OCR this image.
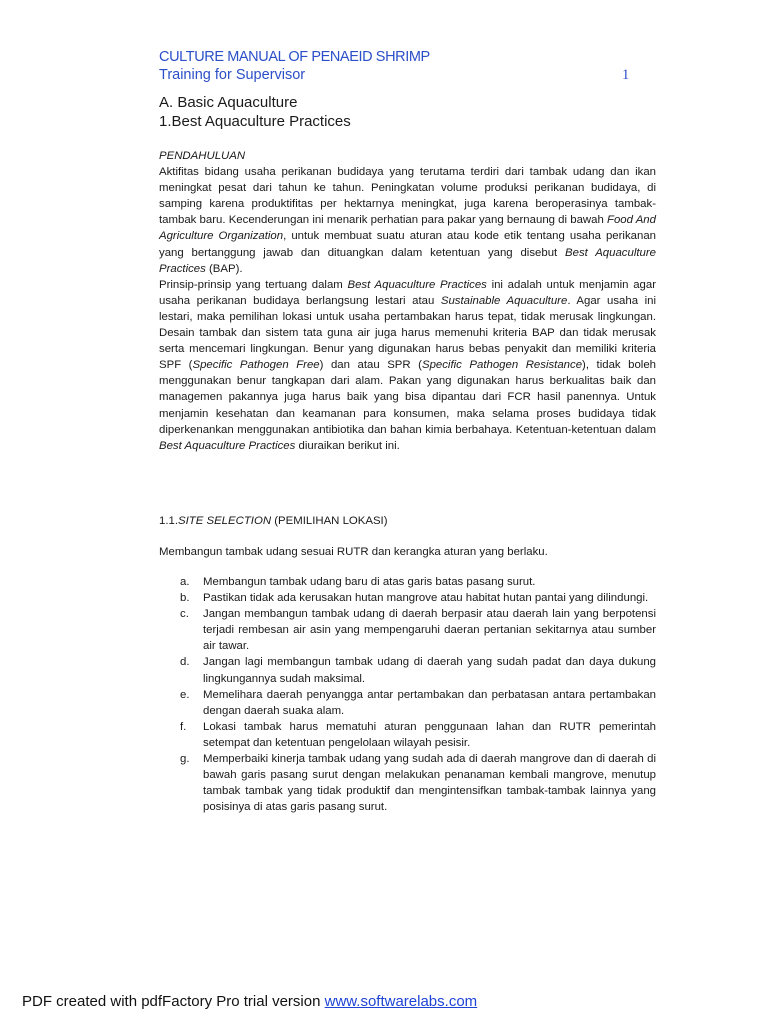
CULTURE MANUAL OF PENAEID SHRIMP
Training for Supervisor	1
A. Basic Aquaculture
1.Best Aquaculture Practices

PENDAHULUAN

Aktifitas bidang usaha perikanan budidaya yang terutama terdiri dari tambak udang dan ikan meningkat pesat dari tahun ke tahun. Peningkatan volume produksi perikanan budidaya, di samping karena produktifitas per hektarnya meningkat, juga karena beroperasinya tambak-tambak baru. Kecenderungan ini menarik perhatian para pakar yang bernaung di bawah Food And Agriculture Organization, untuk membuat suatu aturan atau kode etik tentang usaha perikanan yang bertanggung jawab dan dituangkan dalam ketentuan yang disebut Best Aquaculture Practices (BAP).

Prinsip-prinsip yang tertuang dalam Best Aquaculture Practices ini adalah untuk menjamin agar usaha perikanan budidaya berlangsung lestari atau Sustainable Aquaculture. Agar usaha ini lestari, maka pemilihan lokasi untuk usaha pertambakan harus tepat, tidak merusak lingkungan. Desain tambak dan sistem tata guna air juga harus memenuhi kriteria BAP dan tidak merusak serta mencemari lingkungan. Benur yang digunakan harus bebas penyakit dan memiliki kriteria SPF (Specific Pathogen Free) dan atau SPR (Specific Pathogen Resistance), tidak boleh menggunakan benur tangkapan dari alam. Pakan yang digunakan harus berkualitas baik dan managemen pakannya juga harus baik yang bisa dipantau dari FCR hasil panennya. Untuk menjamin kesehatan dan keamanan para konsumen, maka selama proses budidaya tidak diperkenankan menggunakan antibiotika dan bahan kimia berbahaya. Ketentuan-ketentuan dalam Best Aquaculture Practices diuraikan berikut ini.

1.1.SITE SELECTION (PEMILIHAN LOKASI)
Membangun tambak udang sesuai RUTR dan kerangka aturan yang berlaku.
a. Membangun tambak udang baru di atas garis batas pasang surut.
b. Pastikan tidak ada kerusakan hutan mangrove atau habitat hutan pantai yang dilindungi.
c. Jangan membangun tambak udang di daerah berpasir atau daerah lain yang berpotensi terjadi rembesan air asin yang mempengaruhi daeran pertanian sekitarnya atau sumber air tawar.
d. Jangan lagi membangun tambak udang di daerah yang sudah padat dan daya dukung lingkungannya sudah maksimal.
e. Memelihara daerah penyangga antar pertambakan dan perbatasan antara pertambakan dengan daerah suaka alam.
f. Lokasi tambak harus mematuhi aturan penggunaan lahan dan RUTR pemerintah setempat dan ketentuan pengelolaan wilayah pesisir.
g. Memperbaiki kinerja tambak udang yang sudah ada di daerah mangrove dan di daerah di bawah garis pasang surut dengan melakukan penanaman kembali mangrove, menutup tambak tambak yang tidak produktif dan mengintensifkan tambak-tambak lainnya yang posisinya di atas garis pasang surut.
PDF created with pdfFactory Pro trial version www.softwarelabs.com
